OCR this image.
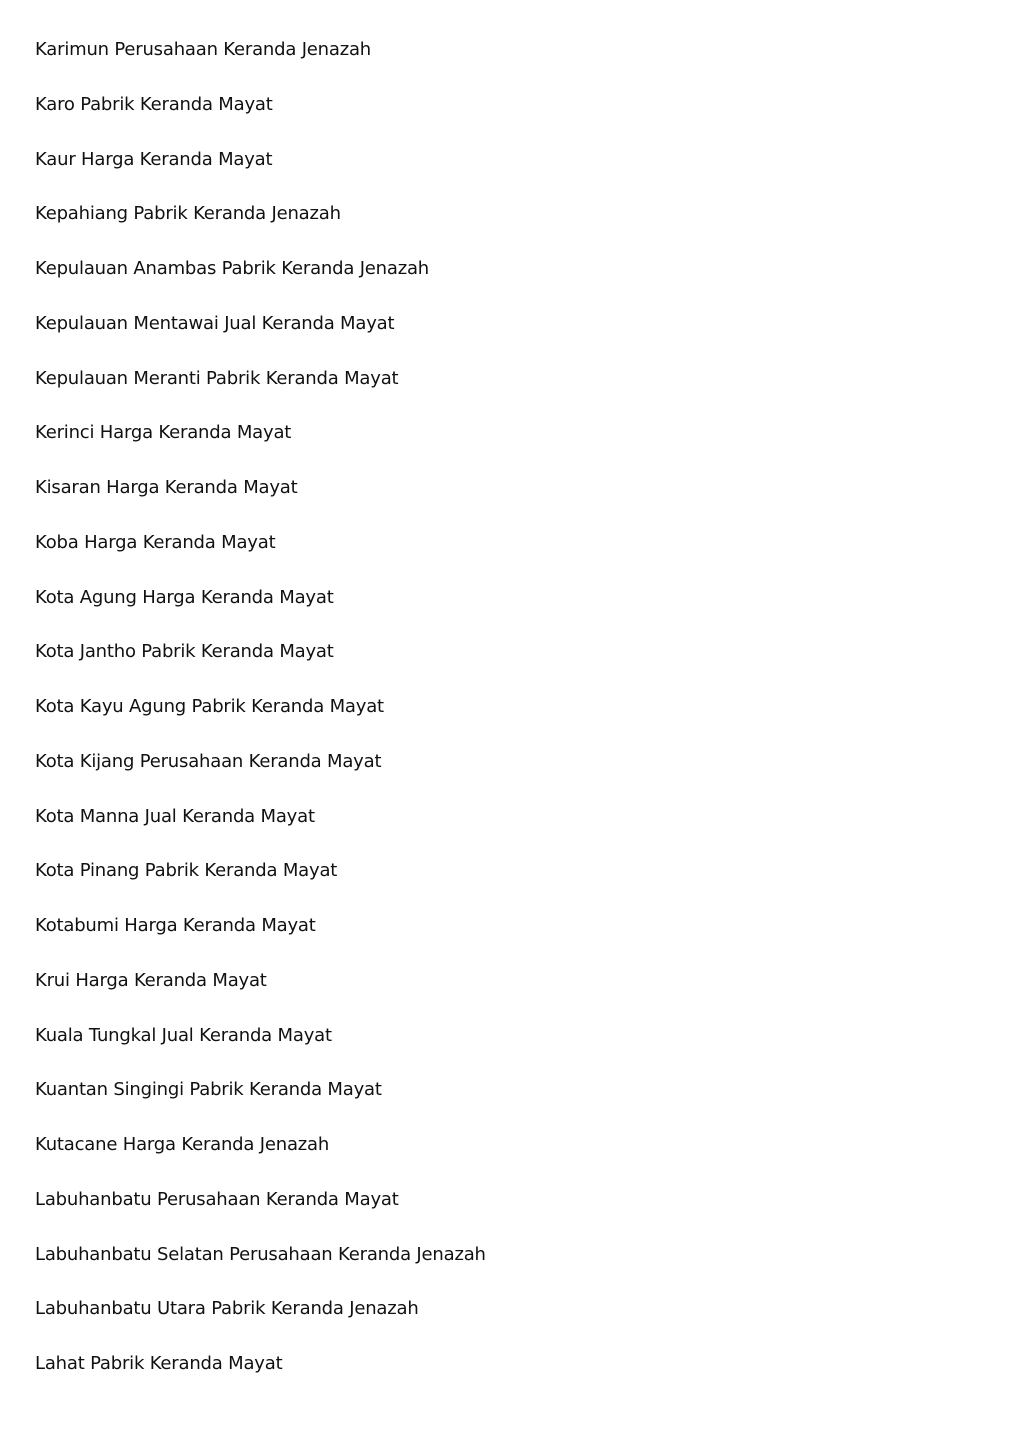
Karimun Perusahaan Keranda Jenazah
Karo Pabrik Keranda Mayat
Kaur Harga Keranda Mayat
Kepahiang Pabrik Keranda Jenazah
Kepulauan Anambas Pabrik Keranda Jenazah
Kepulauan Mentawai Jual Keranda Mayat
Kepulauan Meranti Pabrik Keranda Mayat
Kerinci Harga Keranda Mayat
Kisaran Harga Keranda Mayat
Koba Harga Keranda Mayat
Kota Agung Harga Keranda Mayat
Kota Jantho Pabrik Keranda Mayat
Kota Kayu Agung Pabrik Keranda Mayat
Kota Kijang Perusahaan Keranda Mayat
Kota Manna Jual Keranda Mayat
Kota Pinang Pabrik Keranda Mayat
Kotabumi Harga Keranda Mayat
Krui Harga Keranda Mayat
Kuala Tungkal Jual Keranda Mayat
Kuantan Singingi Pabrik Keranda Mayat
Kutacane Harga Keranda Jenazah
Labuhanbatu Perusahaan Keranda Mayat
Labuhanbatu Selatan Perusahaan Keranda Jenazah
Labuhanbatu Utara Pabrik Keranda Jenazah
Lahat Pabrik Keranda Mayat
